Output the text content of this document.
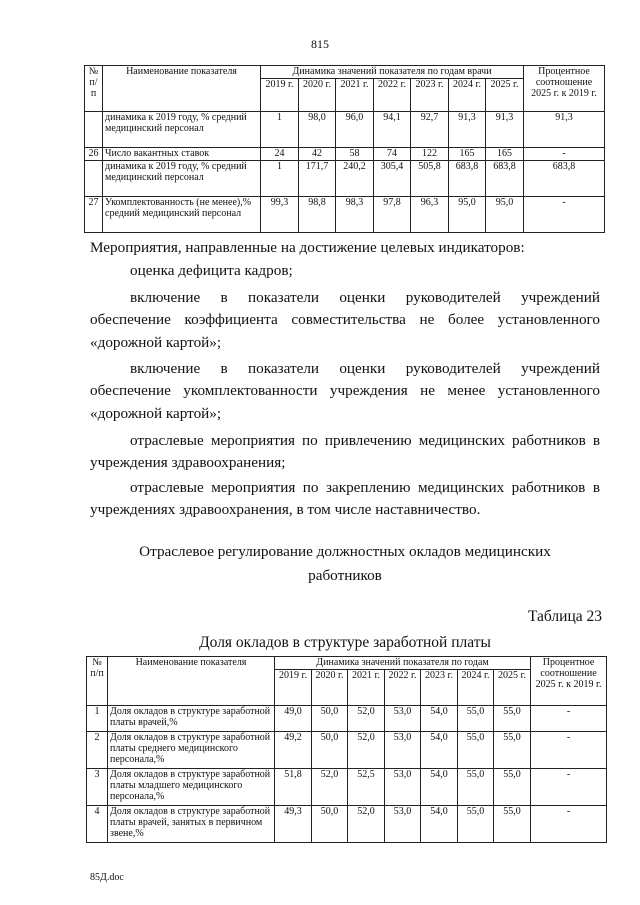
815
№ п/п	Наименование показателя	Динамика значений показателя по годам врачи							Процентное соотношение 2025 г. к 2019 г.
		2019 г.	2020 г.	2021 г.	2022 г.	2023 г.	2024 г.	2025 г.	
	динамика к 2019 году, % средний медицинский персонал	1	98,0	96,0	94,1	92,7	91,3	91,3	91,3
26	Число вакантных ставок	24	42	58	74	122	165	165	-
	динамика к 2019 году, % средний медицинский персонал	1	171,7	240,2	305,4	505,8	683,8	683,8	683,8
27	Укомплектованность (не менее),% средний медицинский персонал	99,3	98,8	98,3	97,8	96,3	95,0	95,0	-
Мероприятия, направленные на достижение целевых индикаторов:
оценка дефицита кадров;
включение в показатели оценки руководителей учреждений обеспечение коэффициента совместительства не более установленного «дорожной картой»;
включение в показатели оценки руководителей учреждений обеспечение укомплектованности учреждения не менее установленного «дорожной картой»;
отраслевые мероприятия по привлечению медицинских работников в учреждения здравоохранения;
отраслевые мероприятия по закреплению медицинских работников в учреждениях здравоохранения, в том числе наставничество.
Отраслевое регулирование должностных окладов медицинских
работников
Таблица 23
Доля окладов в структуре заработной платы
№ п/п	Наименование показателя	Динамика значений показателя по годам							Процентное соотношение 2025 г. к 2019 г.
		2019 г.	2020 г.	2021 г.	2022 г.	2023 г.	2024 г.	2025 г.	
1	Доля окладов в структуре заработной платы врачей,%	49,0	50,0	52,0	53,0	54,0	55,0	55,0	-
2	Доля окладов в структуре заработной платы среднего медицинского персонала,%	49,2	50,0	52,0	53,0	54,0	55,0	55,0	-
3	Доля окладов в структуре заработной платы младшего медицинского персонала,%	51,8	52,0	52,5	53,0	54,0	55,0	55,0	-
4	Доля окладов в структуре заработной платы врачей, занятых в первичном звене,%	49,3	50,0	52,0	53,0	54,0	55,0	55,0	-
85Д.doc
